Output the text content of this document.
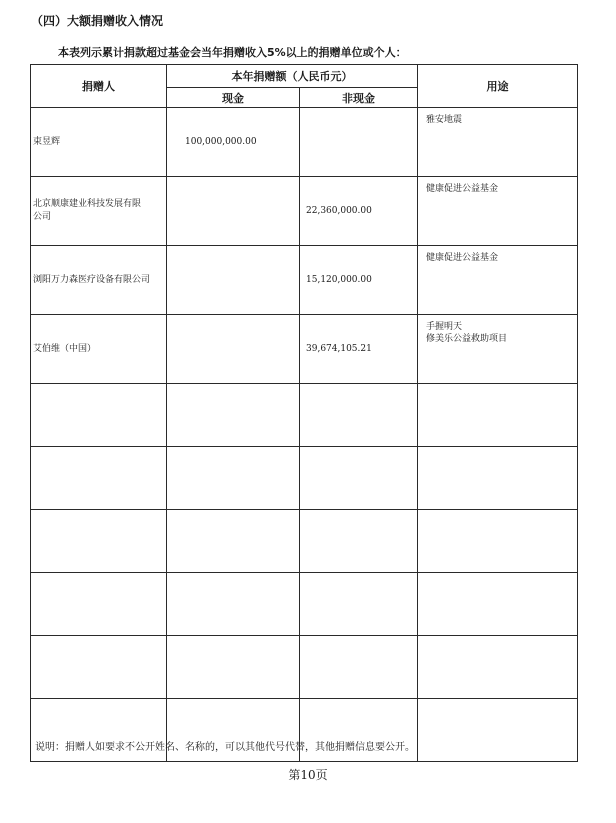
（四）大额捐赠收入情况
本表列示累计捐款超过基金会当年捐赠收入5%以上的捐赠单位或个人：
捐赠人	本年捐赠额（人民币元）		用途
	现金	非现金	

束昱辉	100,000,000.00		雅安地震

北京顺康建业科技发展有限
公司		22,360,000.00	健康促进公益基金

浏阳万力森医疗设备有限公司		15,120,000.00	健康促进公益基金

艾伯维（中国）		39,674,105.21	手握明天
修美乐公益救助项目

说明：捐赠人如要求不公开姓名、名称的，可以其他代号代替，其他捐赠信息要公开。
第10页
